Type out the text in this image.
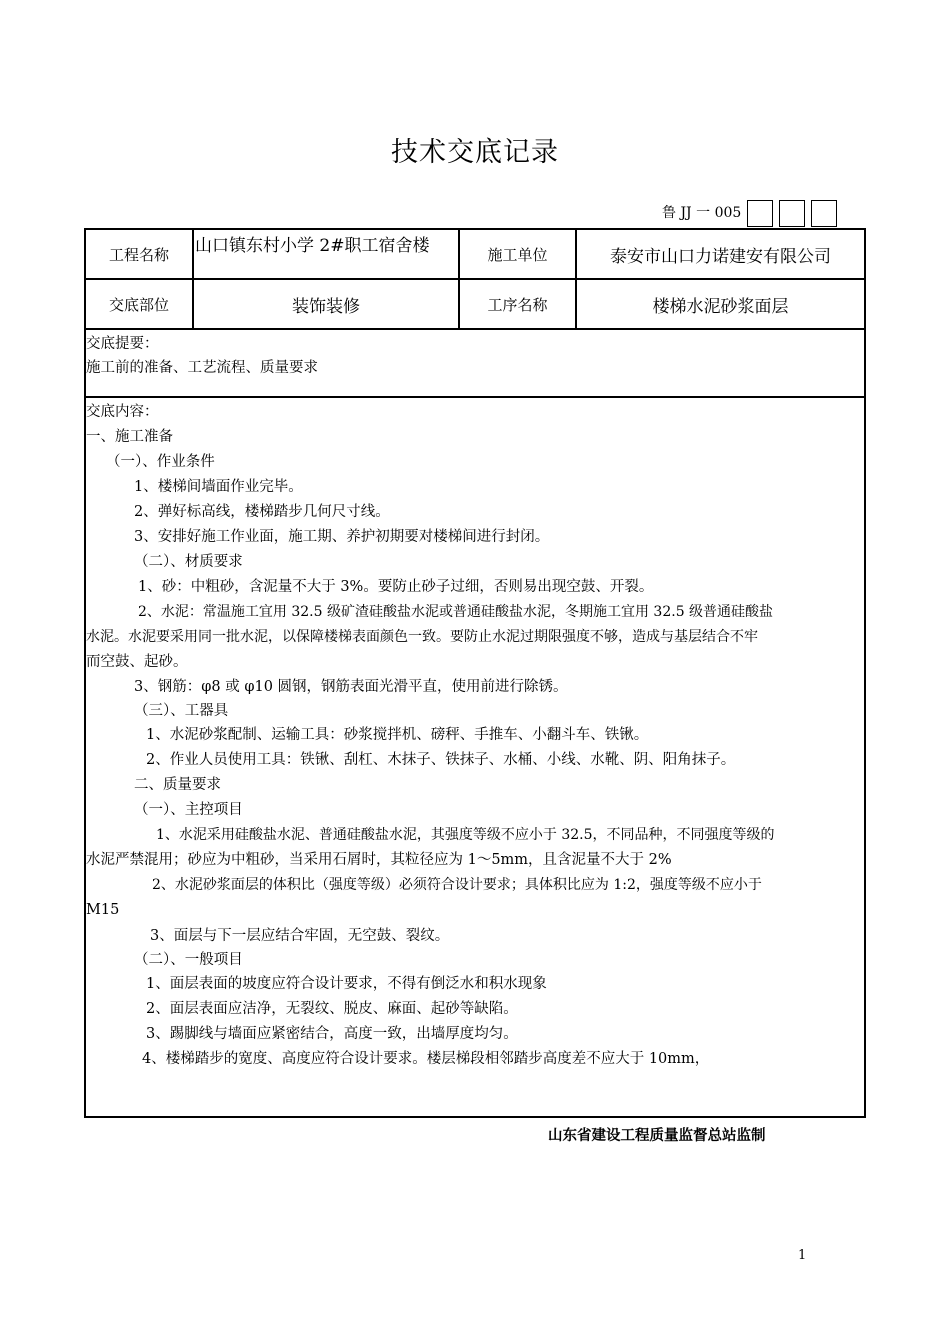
技术交底记录
鲁 JJ 一 005
工程名称	山口镇东村小学 2#职工宿舍楼	施工单位	泰安市山口力诺建安有限公司
交底部位	装饰装修	工序名称	楼梯水泥砂浆面层
交底提要：
施工前的准备、工艺流程、质量要求
交底内容：
一、施工准备
（一）、作业条件
1、楼梯间墙面作业完毕。
2、弹好标高线，楼梯踏步几何尺寸线。
3、安排好施工作业面，施工期、养护初期要对楼梯间进行封闭。
（二）、材质要求
1、砂：中粗砂，含泥量不大于 3%。要防止砂子过细，否则易出现空鼓、开裂。
2、水泥：常温施工宜用 32.5 级矿渣硅酸盐水泥或普通硅酸盐水泥，冬期施工宜用 32.5 级普通硅酸盐
水泥。水泥要采用同一批水泥，以保障楼梯表面颜色一致。要防止水泥过期限强度不够，造成与基层结合不牢
而空鼓、起砂。
3、钢筋：φ8 或 φ10 圆钢，钢筋表面光滑平直，使用前进行除锈。
（三）、工器具
1、水泥砂浆配制、运输工具：砂浆搅拌机、磅秤、手推车、小翻斗车、铁锹。
2、作业人员使用工具：铁锹、刮杠、木抹子、铁抹子、水桶、小线、水靴、阴、阳角抹子。
二、质量要求
（一）、主控项目
1、水泥采用硅酸盐水泥、普通硅酸盐水泥，其强度等级不应小于 32.5，不同品种，不同强度等级的
水泥严禁混用；砂应为中粗砂，当采用石屑时，其粒径应为 1～5mm，且含泥量不大于 2%
2、水泥砂浆面层的体积比（强度等级）必须符合设计要求；具体积比应为 1:2，强度等级不应小于
M15
3、面层与下一层应结合牢固，无空鼓、裂纹。
（二）、一般项目
1、面层表面的坡度应符合设计要求，不得有倒泛水和积水现象
2、面层表面应洁净，无裂纹、脱皮、麻面、起砂等缺陷。
3、踢脚线与墙面应紧密结合，高度一致，出墙厚度均匀。
4、楼梯踏步的宽度、高度应符合设计要求。楼层梯段相邻踏步高度差不应大于 10mm，
山东省建设工程质量监督总站监制
1
